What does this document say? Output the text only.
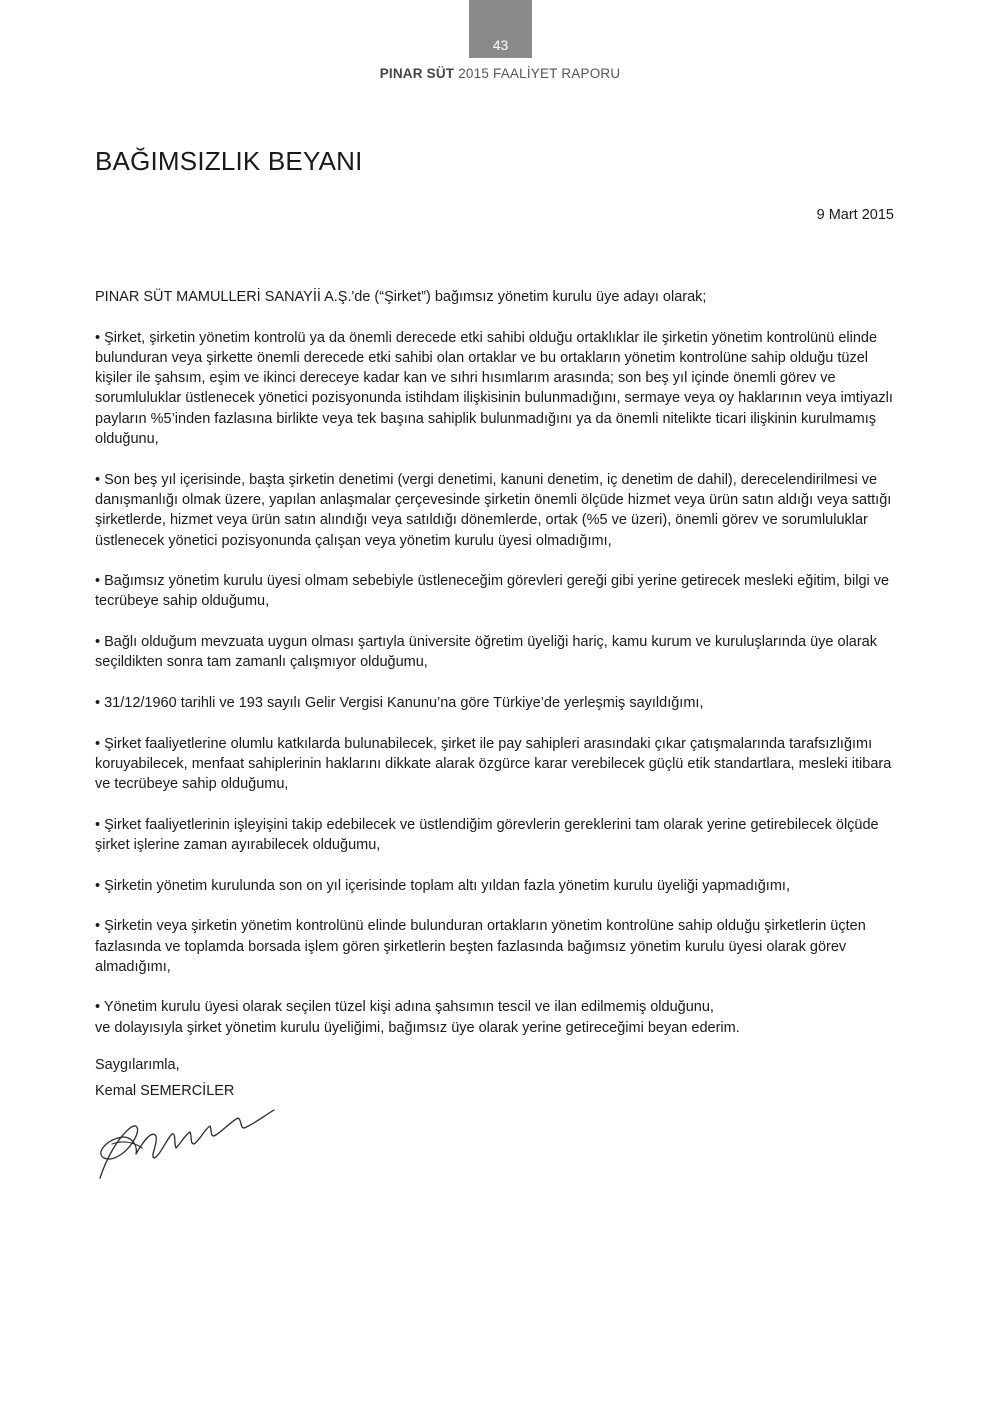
43
PINAR SÜT 2015 FAALİYET RAPORU
BAĞIMSIZLIK BEYANI
9 Mart 2015

PINAR SÜT MAMULLERİ SANAYİİ A.Ş.'de (“Şirket”) bağımsız yönetim kurulu üye adayı olarak;

• Şirket, şirketin yönetim kontrolü ya da önemli derecede etki sahibi olduğu ortaklıklar ile şirketin yönetim kontrolünü elinde bulunduran veya şirkette önemli derecede etki sahibi olan ortaklar ve bu ortakların yönetim kontrolüne sahip olduğu tüzel kişiler ile şahsım, eşim ve ikinci dereceye kadar kan ve sıhri hısımlarım arasında; son beş yıl içinde önemli görev ve sorumluluklar üstlenecek yönetici pozisyonunda istihdam ilişkisinin bulunmadığını, sermaye veya oy haklarının veya imtiyazlı payların %5’inden fazlasına birlikte veya tek başına sahiplik bulunmadığını ya da önemli nitelikte ticari ilişkinin kurulmamış olduğunu,

• Son beş yıl içerisinde, başta şirketin denetimi (vergi denetimi, kanuni denetim, iç denetim de dahil), derecelendirilmesi ve danışmanlığı olmak üzere, yapılan anlaşmalar çerçevesinde şirketin önemli ölçüde hizmet veya ürün satın aldığı veya sattığı şirketlerde, hizmet veya ürün satın alındığı veya satıldığı dönemlerde, ortak (%5 ve üzeri), önemli görev ve sorumluluklar üstlenecek yönetici pozisyonunda çalışan veya yönetim kurulu üyesi olmadığımı,

• Bağımsız yönetim kurulu üyesi olmam sebebiyle üstleneceğim görevleri gereği gibi yerine getirecek mesleki eğitim, bilgi ve tecrübeye sahip olduğumu,

• Bağlı olduğum mevzuata uygun olması şartıyla üniversite öğretim üyeliği hariç, kamu kurum ve kuruluşlarında üye olarak seçildikten sonra tam zamanlı çalışmıyor olduğumu,

• 31/12/1960 tarihli ve 193 sayılı Gelir Vergisi Kanunu’na göre Türkiye’de yerleşmiş sayıldığımı,

• Şirket faaliyetlerine olumlu katkılarda bulunabilecek, şirket ile pay sahipleri arasındaki çıkar çatışmalarında tarafsızlığımı koruyabilecek, menfaat sahiplerinin haklarını dikkate alarak özgürce karar verebilecek güçlü etik standartlara, mesleki itibara ve tecrübeye sahip olduğumu,

• Şirket faaliyetlerinin işleyişini takip edebilecek ve üstlendiğim görevlerin gereklerini tam olarak yerine getirebilecek ölçüde şirket işlerine zaman ayırabilecek olduğumu,

• Şirketin yönetim kurulunda son on yıl içerisinde toplam altı yıldan fazla yönetim kurulu üyeliği yapmadığımı,

• Şirketin veya şirketin yönetim kontrolünü elinde bulunduran ortakların yönetim kontrolüne sahip olduğu şirketlerin üçten fazlasında ve toplamda borsada işlem gören şirketlerin beşten fazlasında bağımsız yönetim kurulu üyesi olarak görev almadığımı,

• Yönetim kurulu üyesi olarak seçilen tüzel kişi adına şahsımın tescil ve ilan edilmemiş olduğunu,
ve dolayısıyla şirket yönetim kurulu üyeliğimi, bağımsız üye olarak yerine getireceğimi beyan ederim.

Saygılarımla,
Kemal SEMERCİLER
